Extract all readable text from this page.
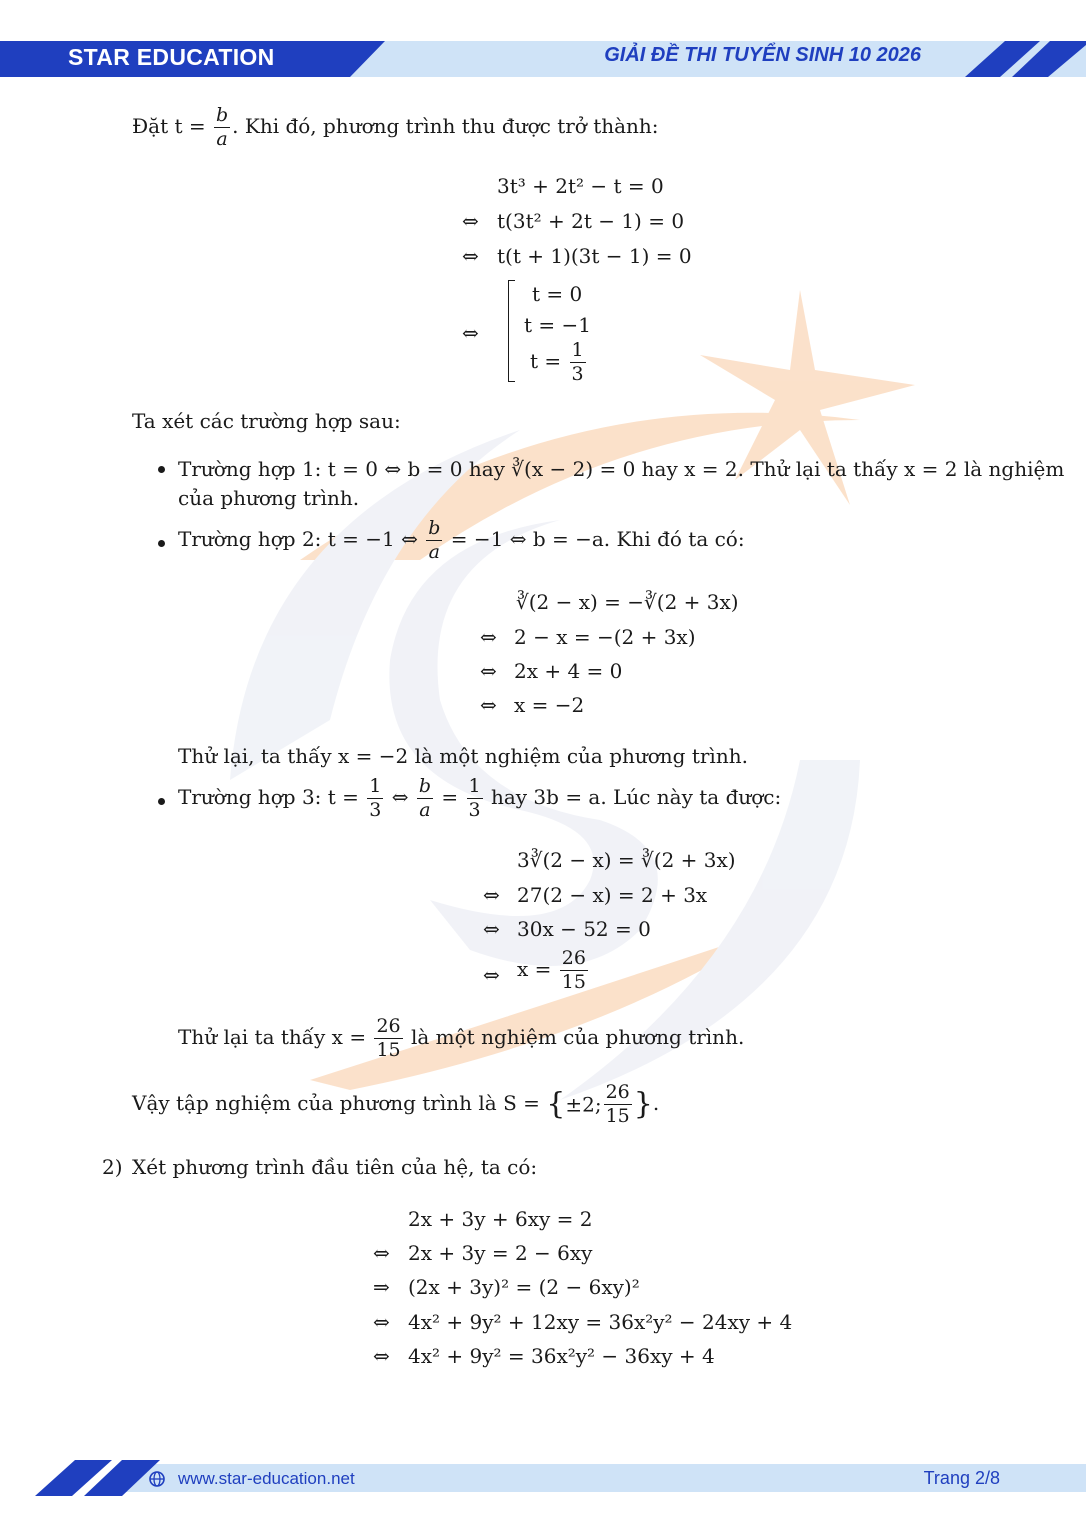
STAR EDUCATION	GIẢI ĐỀ THI TUYỂN SINH 10 2026
Đặt $t = \frac{b}{a}$ . Khi đó, phương trình thu được trở thành:
3t³ + 2t² − t = 0
⇔ t(3t² + 2t − 1) = 0
⇔ t(t + 1)(3t − 1) = 0
⇔
t = 0
t = −1
$t = \frac{1}{3}$
Ta xét các trường hợp sau:
Trường hợp 1: t = 0 ⇔ b = 0 hay ∛(x − 2) = 0 hay x = 2. Thử lại ta thấy x = 2 là nghiệm
của phương trình.
Trường hợp 2: t = −1 ⇔ $\frac{b}{a} = -1$ ⇔ b = −a. Khi đó ta có:
∛(2 − x) = −∛(2 + 3x)
⇔ 2 − x = −(2 + 3x)
⇔ 2x + 4 = 0
⇔ x = −2
Thử lại, ta thấy x = −2 là một nghiệm của phương trình.
Trường hợp 3: $t = \frac{1}{3}$ ⇔ $\frac{b}{a} = \frac{1}{3}$ hay 3b = a. Lúc này ta được:
3∛(2 − x) = ∛(2 + 3x)
⇔ 27(2 − x) = 2 + 3x
⇔ 30x − 52 = 0
⇔ $x = \frac{26}{15}$
Thử lại ta thấy $x = \frac{26}{15}$ là một nghiệm của phương trình.
Vậy tập nghiệm của phương trình là S = {±2; $\frac{26}{15}$ }.
2) Xét phương trình đầu tiên của hệ, ta có:
2x + 3y + 6xy = 2
⇔ 2x + 3y = 2 − 6xy
⇒ (2x + 3y)² = (2 − 6xy)²
⇔ 4x² + 9y² + 12xy = 36x²y² − 24xy + 4
⇔ 4x² + 9y² = 36x²y² − 36xy + 4
www.star-education.net	Trang 2/8
